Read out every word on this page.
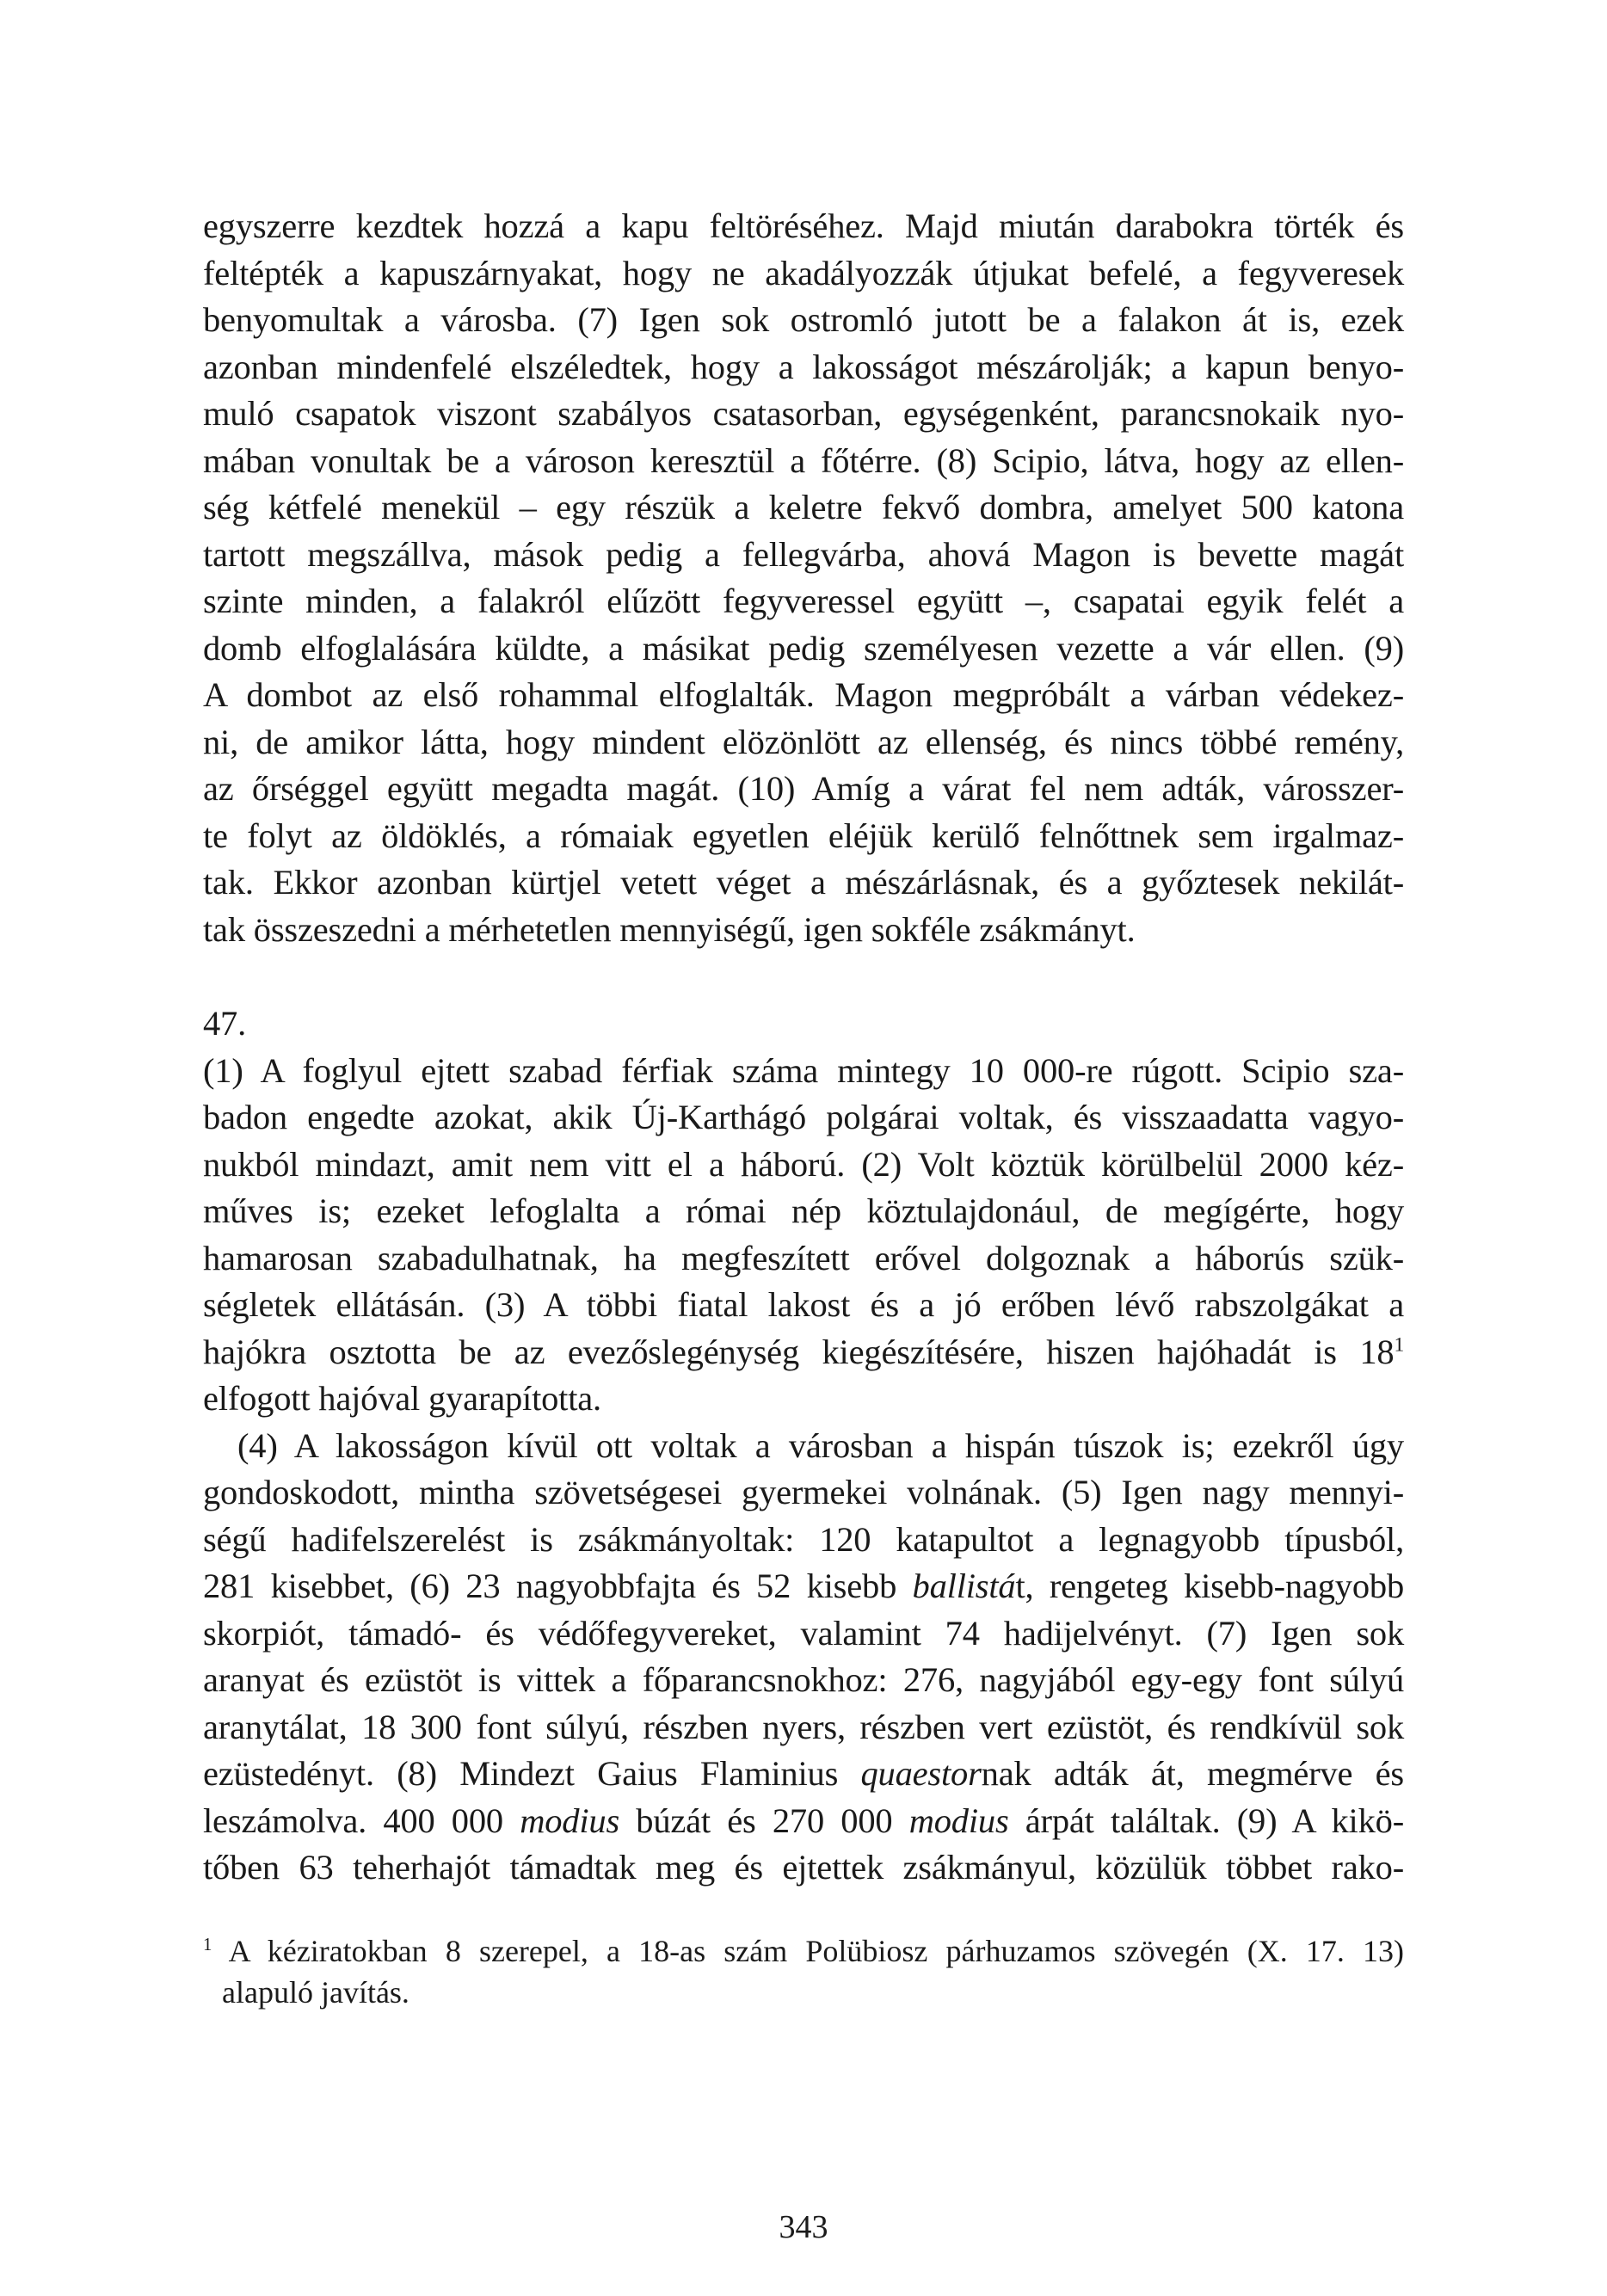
egyszerre kezdtek hozzá a kapu feltöréséhez. Majd miután darabokra törték és
feltépték a kapuszárnyakat, hogy ne akadályozzák útjukat befelé, a fegyveresek
benyomultak a városba. (7) Igen sok ostromló jutott be a falakon át is, ezek
azonban mindenfelé elszéledtek, hogy a lakosságot mészárolják; a kapun benyo-
muló csapatok viszont szabályos csatasorban, egységenként, parancsnokaik nyo-
mában vonultak be a városon keresztül a főtérre. (8) Scipio, látva, hogy az ellen-
ség kétfelé menekül – egy részük a keletre fekvő dombra, amelyet 500 katona
tartott megszállva, mások pedig a fellegvárba, ahová Magon is bevette magát
szinte minden, a falakról elűzött fegyveressel együtt –, csapatai egyik felét a
domb elfoglalására küldte, a másikat pedig személyesen vezette a vár ellen. (9)
A dombot az első rohammal elfoglalták. Magon megpróbált a várban védekez-
ni, de amikor látta, hogy mindent elözönlött az ellenség, és nincs többé remény,
az őrséggel együtt megadta magát. (10) Amíg a várat fel nem adták, városszer-
te folyt az öldöklés, a rómaiak egyetlen eléjük kerülő felnőttnek sem irgalmaz-
tak. Ekkor azonban kürtjel vetett véget a mészárlásnak, és a győztesek nekilát-
tak összeszedni a mérhetetlen mennyiségű, igen sokféle zsákmányt.
47.
(1) A foglyul ejtett szabad férfiak száma mintegy 10 000-re rúgott. Scipio sza-
badon engedte azokat, akik Új-Karthágó polgárai voltak, és visszaadatta vagyo-
nukból mindazt, amit nem vitt el a háború. (2) Volt köztük körülbelül 2000 kéz-
műves is; ezeket lefoglalta a római nép köztulajdonául, de megígérte, hogy
hamarosan szabadulhatnak, ha megfeszített erővel dolgoznak a háborús szük-
ségletek ellátásán. (3) A többi fiatal lakost és a jó erőben lévő rabszolgákat a
hajókra osztotta be az evezőslegénység kiegészítésére, hiszen hajóhadát is $18^1$
elfogott hajóval gyarapította.
(4) A lakosságon kívül ott voltak a városban a hispán túszok is; ezekről úgy
gondoskodott, mintha szövetségesei gyermekei volnának. (5) Igen nagy mennyi-
ségű hadifelszerelést is zsákmányoltak: 120 katapultot a legnagyobb típusból,
281 kisebbet, (6) 23 nagyobbfajta és 52 kisebb ballistát, rengeteg kisebb-nagyobb
skorpiót, támadó- és védőfegyvereket, valamint 74 hadijelvényt. (7) Igen sok
aranyat és ezüstöt is vittek a főparancsnokhoz: 276, nagyjából egy-egy font súlyú
aranytálat, 18 300 font súlyú, részben nyers, részben vert ezüstöt, és rendkívül sok
ezüstedényt. (8) Mindezt Gaius Flaminius quaestornak adták át, megmérve és
leszámolva. 400 000 modius búzát és 270 000 modius árpát találtak. (9) A kikö-
tőben 63 teherhajót támadtak meg és ejtettek zsákmányul, közülük többet rako-
$^1$ A kéziratokban 8 szerepel, a 18-as szám Polübiosz párhuzamos szövegén (X. 17. 13)
alapuló javítás.
343
